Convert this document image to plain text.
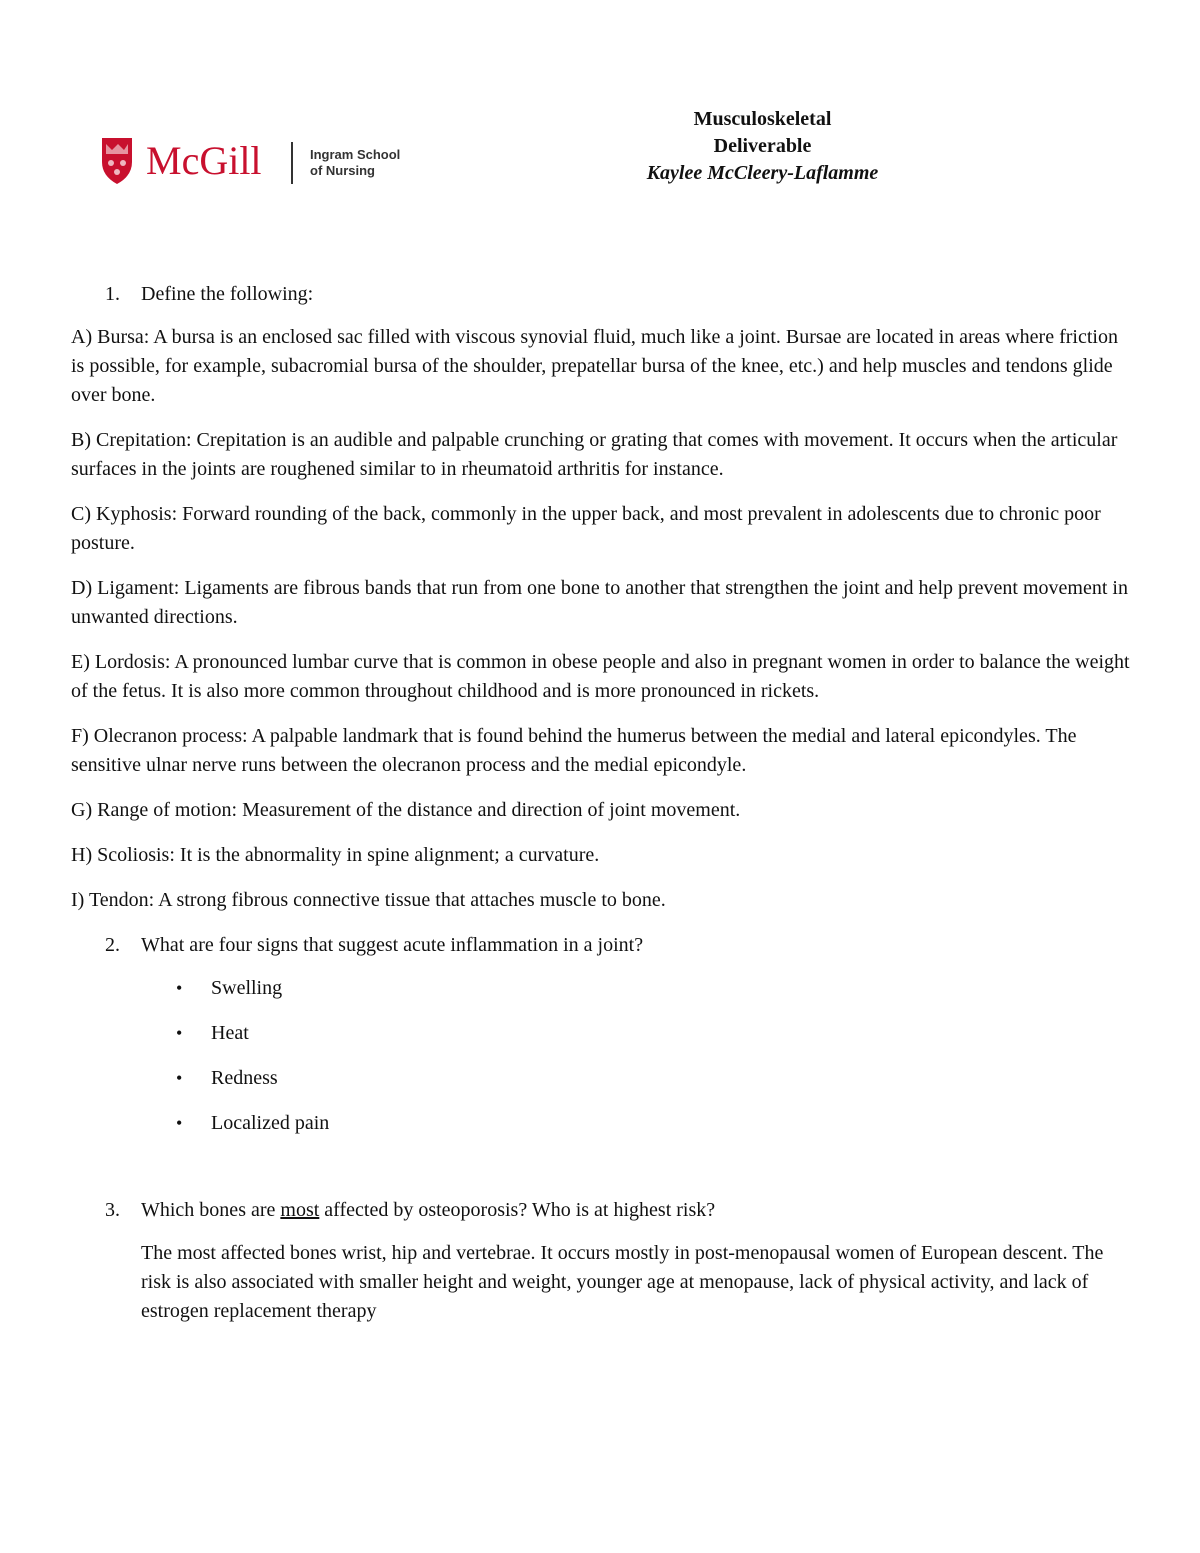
McGill	Ingram School
of Nursing
Musculoskeletal
Deliverable
Kaylee McCleery-Laflamme
1. Define the following:

A) Bursa: A bursa is an enclosed sac filled with viscous synovial fluid, much like a joint. Bursae are located in areas where friction is possible, for example, subacromial bursa of the shoulder, prepatellar bursa of the knee, etc.) and help muscles and tendons glide over bone.

B) Crepitation: Crepitation is an audible and palpable crunching or grating that comes with movement. It occurs when the articular surfaces in the joints are roughened similar to in rheumatoid arthritis for instance.

C) Kyphosis: Forward rounding of the back, commonly in the upper back, and most prevalent in adolescents due to chronic poor posture.

D) Ligament: Ligaments are fibrous bands that run from one bone to another that strengthen the joint and help prevent movement in unwanted directions.

E) Lordosis: A pronounced lumbar curve that is common in obese people and also in pregnant women in order to balance the weight of the fetus. It is also more common throughout childhood and is more pronounced in rickets.

F) Olecranon process: A palpable landmark that is found behind the humerus between the medial and lateral epicondyles. The sensitive ulnar nerve runs between the olecranon process and the medial epicondyle.

G) Range of motion: Measurement of the distance and direction of joint movement.

H) Scoliosis: It is the abnormality in spine alignment; a curvature.

I) Tendon: A strong fibrous connective tissue that attaches muscle to bone.

2. What are four signs that suggest acute inflammation in a joint?
• Swelling
• Heat
• Redness
• Localized pain
3. Which bones are most affected by osteoporosis? Who is at highest risk?

The most affected bones wrist, hip and vertebrae. It occurs mostly in post-menopausal women of European descent. The risk is also associated with smaller height and weight, younger age at menopause, lack of physical activity, and lack of estrogen replacement therapy
